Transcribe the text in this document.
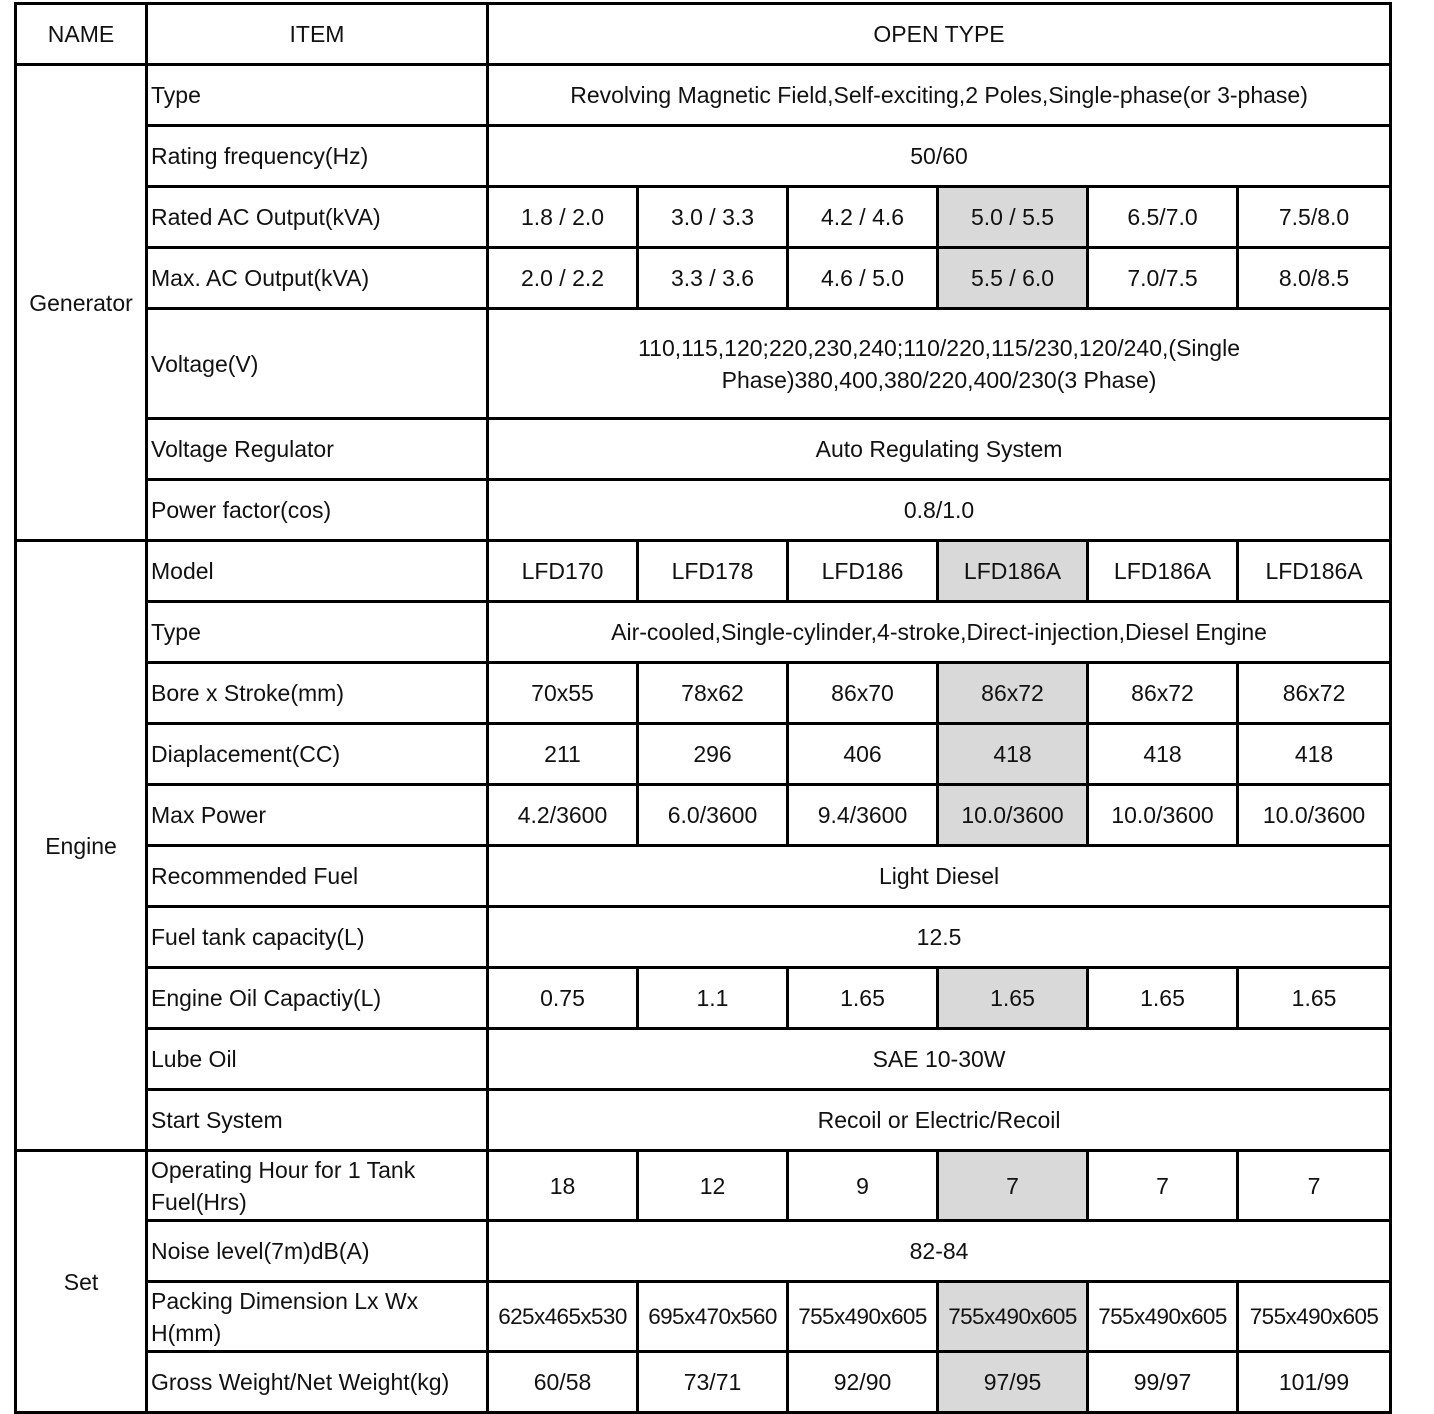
NAME	ITEM	OPEN TYPE					
Generator	Type	Revolving Magnetic Field,Self-exciting,2 Poles,Single-phase(or 3-phase)					
	Rating frequency(Hz)	50/60					
	Rated AC Output(kVA)	1.8 / 2.0	3.0 / 3.3	4.2 / 4.6	5.0 / 5.5	6.5/7.0	7.5/8.0
	Max. AC Output(kVA)	2.0 / 2.2	3.3 / 3.6	4.6 / 5.0	5.5 / 6.0	7.0/7.5	8.0/8.5
	Voltage(V)	110,115,120;220,230,240;110/220,115/230,120/240,(Single Phase)380,400,380/220,400/230(3 Phase)					
	Voltage Regulator	Auto Regulating System					
	Power factor(cos)	0.8/1.0					
Engine	Model	LFD170	LFD178	LFD186	LFD186A	LFD186A	LFD186A
	Type	Air-cooled,Single-cylinder,4-stroke,Direct-injection,Diesel Engine					
	Bore x Stroke(mm)	70x55	78x62	86x70	86x72	86x72	86x72
	Diaplacement(CC)	211	296	406	418	418	418
	Max Power	4.2/3600	6.0/3600	9.4/3600	10.0/3600	10.0/3600	10.0/3600
	Recommended Fuel	Light Diesel					
	Fuel tank capacity(L)	12.5					
	Engine Oil Capactiy(L)	0.75	1.1	1.65	1.65	1.65	1.65
	Lube Oil	SAE 10-30W					
	Start System	Recoil or Electric/Recoil					
Set	Operating Hour for 1 Tank Fuel(Hrs)	18	12	9	7	7	7
	Noise level(7m)dB(A)	82-84					
	Packing Dimension Lx Wx H(mm)	625x465x530	695x470x560	755x490x605	755x490x605	755x490x605	755x490x605
	Gross Weight/Net Weight(kg)	60/58	73/71	92/90	97/95	99/97	101/99
